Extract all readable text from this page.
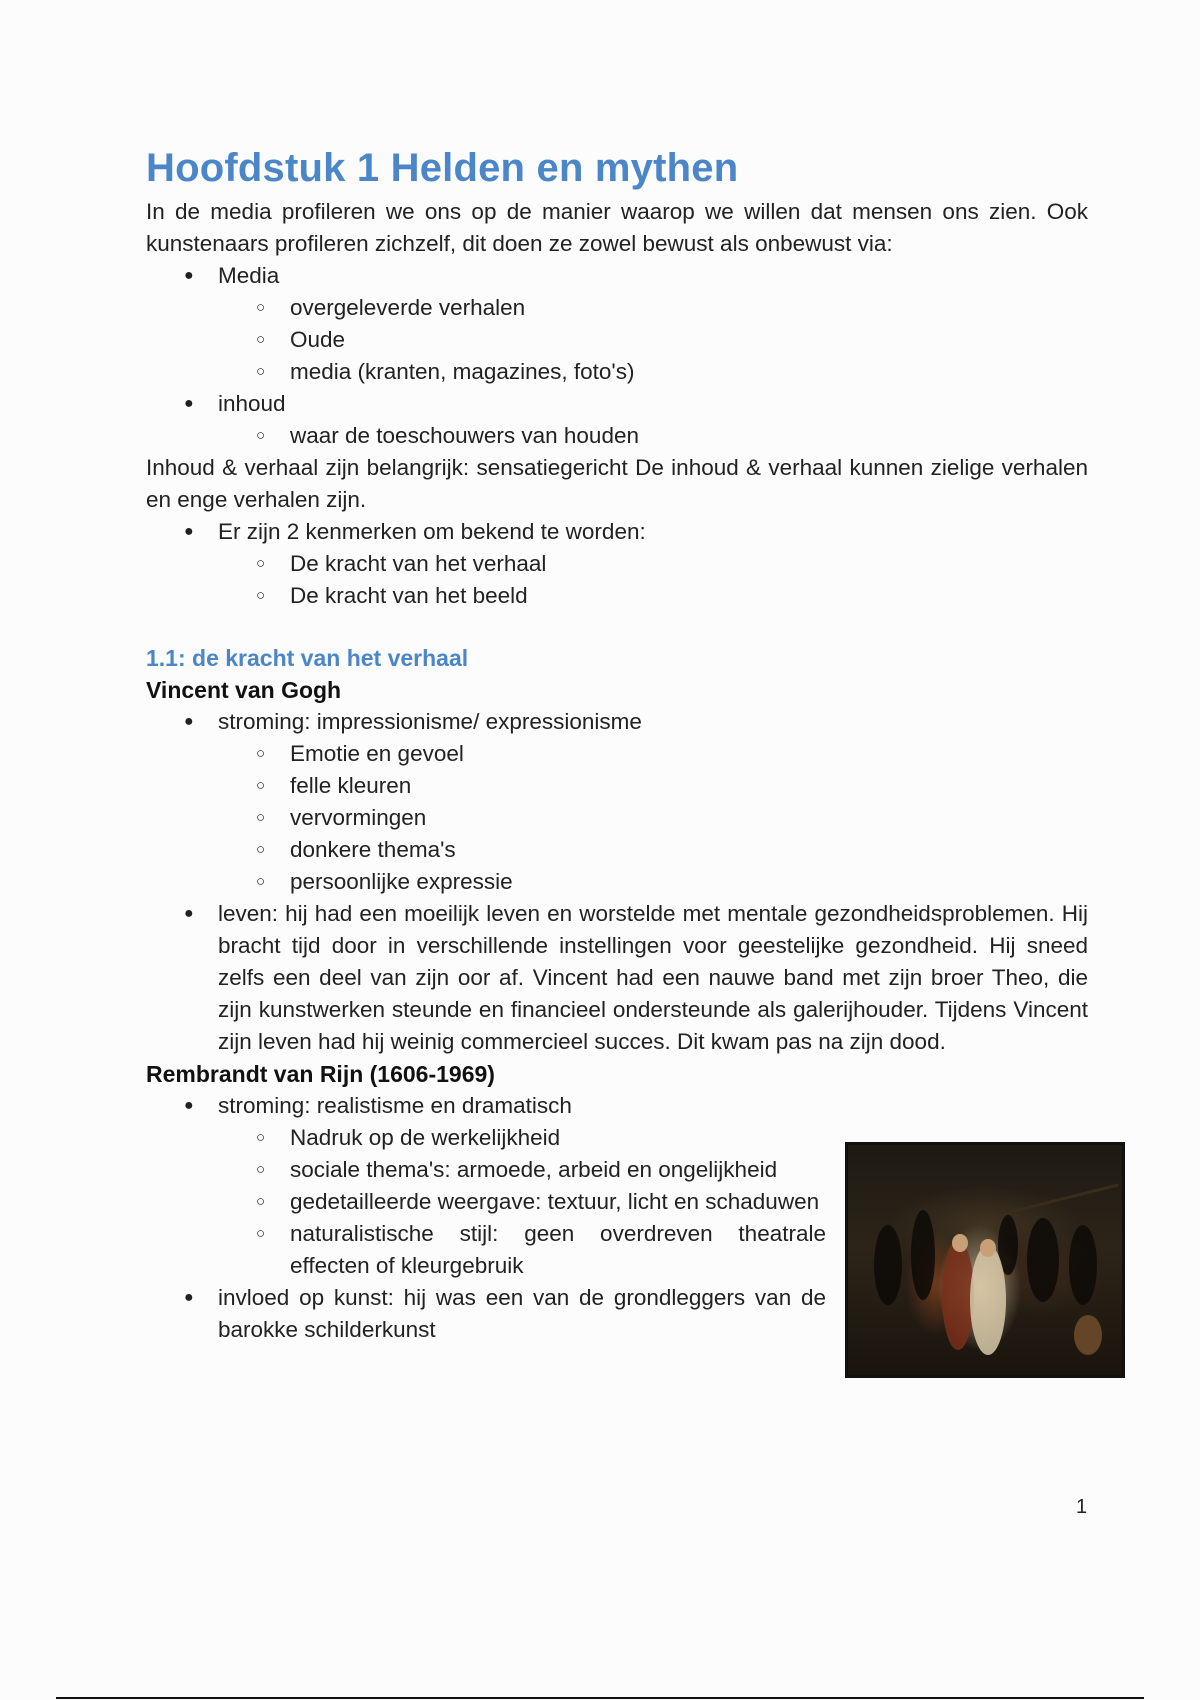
Hoofdstuk 1 Helden en mythen

In de media profileren we ons op de manier waarop we willen dat mensen ons zien. Ook kunstenaars profileren zichzelf, dit doen ze zowel bewust als onbewust via:

● Media
○ overgeleverde verhalen
○ Oude
○ media (kranten, magazines, foto's)
● inhoud
○ waar de toeschouwers van houden

Inhoud & verhaal zijn belangrijk: sensatiegericht De inhoud & verhaal kunnen zielige verhalen en enge verhalen zijn.

● Er zijn 2 kenmerken om bekend te worden:
○ De kracht van het verhaal
○ De kracht van het beeld
1.1: de kracht van het verhaal
Vincent van Gogh
● stroming: impressionisme/ expressionisme
○ Emotie en gevoel
○ felle kleuren
○ vervormingen
○ donkere thema's
○ persoonlijke expressie
● leven: hij had een moeilijk leven en worstelde met mentale gezondheidsproblemen. Hij bracht tijd door in verschillende instellingen voor geestelijke gezondheid. Hij sneed zelfs een deel van zijn oor af. Vincent had een nauwe band met zijn broer Theo, die zijn kunstwerken steunde en financieel ondersteunde als galerijhouder. Tijdens Vincent zijn leven had hij weinig commercieel succes. Dit kwam pas na zijn dood.
Rembrandt van Rijn (1606-1969)
● stroming: realistisme en dramatisch
○ Nadruk op de werkelijkheid
○ sociale thema's: armoede, arbeid en ongelijkheid
○ gedetailleerde weergave: textuur, licht en schaduwen
○ naturalistische stijl: geen overdreven theatrale effecten of kleurgebruik
● invloed op kunst: hij was een van de grondleggers van de barokke schilderkunst
1
